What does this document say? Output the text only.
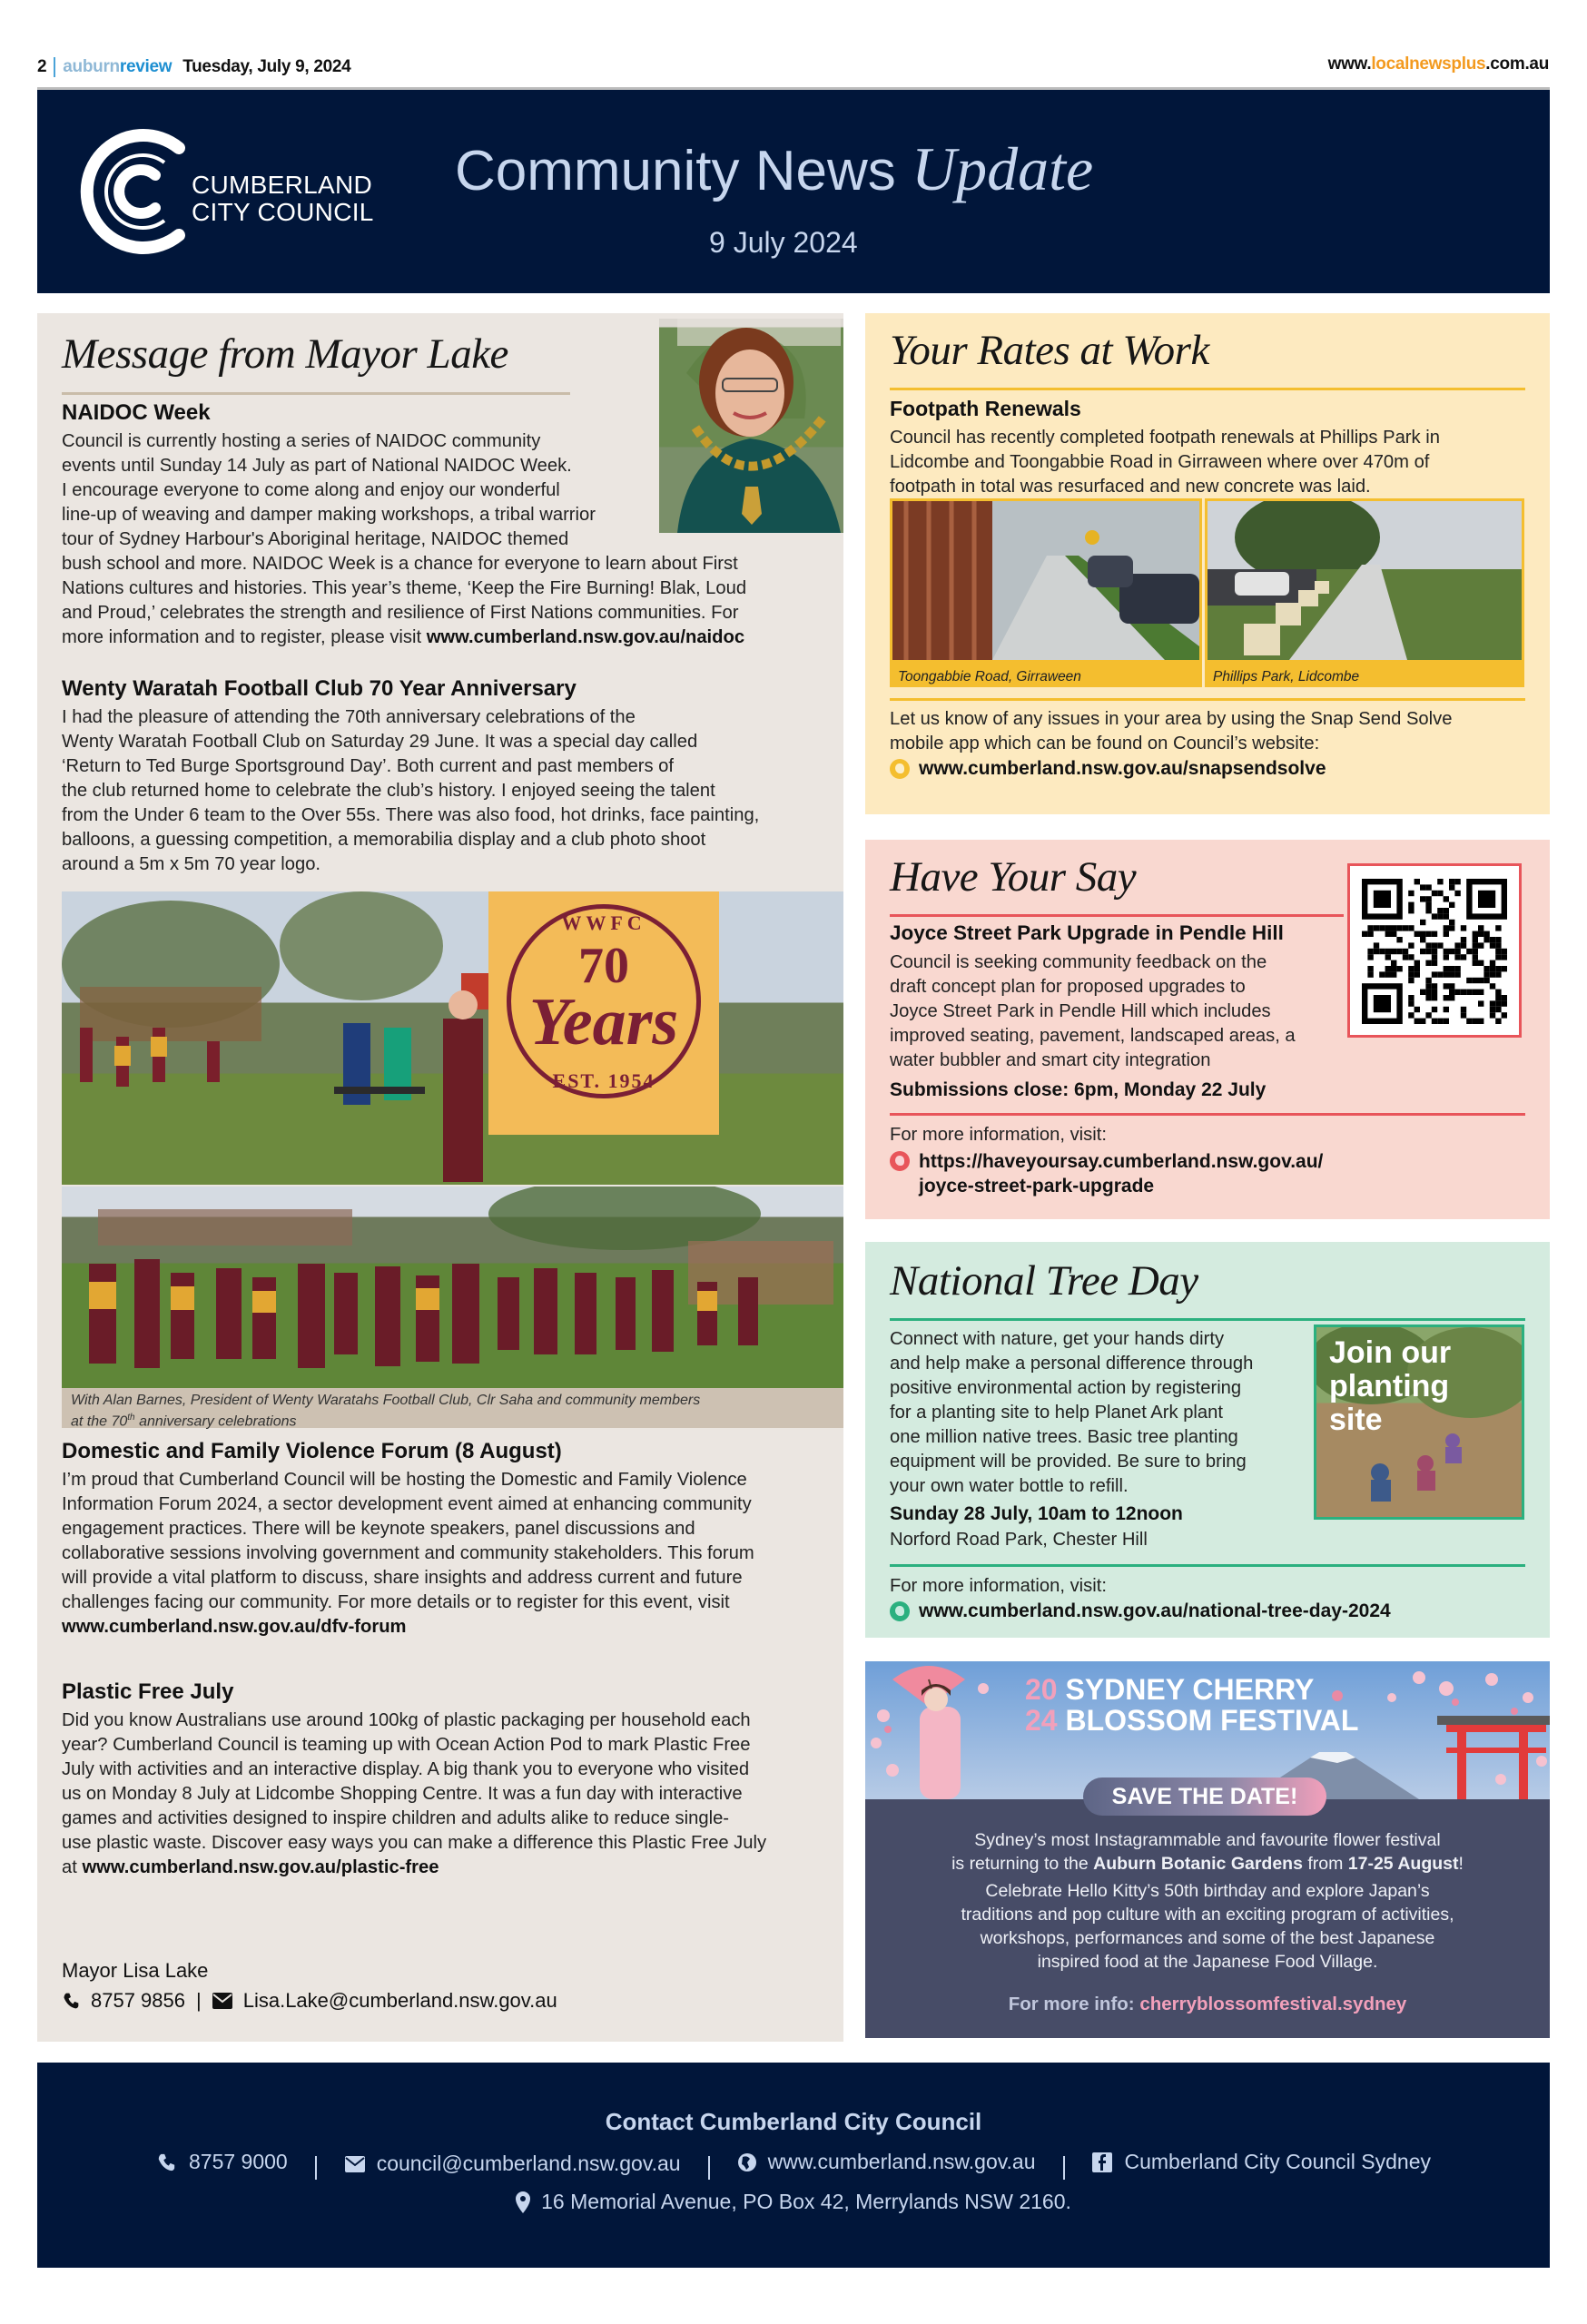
2 auburn review Tuesday, July 9, 2024	www.localnewsplus.com.au
CUMBERLAND
CITY COUNCIL
Community News Update
9 July 2024
Message from Mayor Lake
NAIDOC Week
Council is currently hosting a series of NAIDOC community
events until Sunday 14 July as part of National NAIDOC Week.
I encourage everyone to come along and enjoy our wonderful
line-up of weaving and damper making workshops, a tribal warrior
tour of Sydney Harbour's Aboriginal heritage, NAIDOC themed
bush school and more. NAIDOC Week is a chance for everyone to learn about First
Nations cultures and histories. This year’s theme, ‘Keep the Fire Burning! Blak, Loud
and Proud,’ celebrates the strength and resilience of First Nations communities. For
more information and to register, please visit www.cumberland.nsw.gov.au/naidoc
Wenty Waratah Football Club 70 Year Anniversary
I had the pleasure of attending the 70th anniversary celebrations of the
Wenty Waratah Football Club on Saturday 29 June. It was a special day called
‘Return to Ted Burge Sportsground Day’. Both current and past members of
the club returned home to celebrate the club’s history. I enjoyed seeing the talent
from the Under 6 team to the Over 55s. There was also food, hot drinks, face painting,
balloons, a guessing competition, a memorabilia display and a club photo shoot
around a 5m x 5m 70 year logo.
WWFC
70
Years
EST. 1954
With Alan Barnes, President of Wenty Waratahs Football Club, Clr Saha and community members
at the 70th anniversary celebrations
Domestic and Family Violence Forum (8 August)
I’m proud that Cumberland Council will be hosting the Domestic and Family Violence
Information Forum 2024, a sector development event aimed at enhancing community
engagement practices. There will be keynote speakers, panel discussions and
collaborative sessions involving government and community stakeholders. This forum
will provide a vital platform to discuss, share insights and address current and future
challenges facing our community. For more details or to register for this event, visit
www.cumberland.nsw.gov.au/dfv-forum
Plastic Free July
Did you know Australians use around 100kg of plastic packaging per household each
year? Cumberland Council is teaming up with Ocean Action Pod to mark Plastic Free
July with activities and an interactive display. A big thank you to everyone who visited
us on Monday 8 July at Lidcombe Shopping Centre. It was a fun day with interactive
games and activities designed to inspire children and adults alike to reduce single-
use plastic waste. Discover easy ways you can make a difference this Plastic Free July
at www.cumberland.nsw.gov.au/plastic-free
Mayor Lisa Lake
8757 9856 | Lisa.Lake@cumberland.nsw.gov.au
Your Rates at Work
Footpath Renewals
Council has recently completed footpath renewals at Phillips Park in
Lidcombe and Toongabbie Road in Girraween where over 470m of
footpath in total was resurfaced and new concrete was laid.
Toongabbie Road, Girraween	Phillips Park, Lidcombe
Let us know of any issues in your area by using the Snap Send Solve
mobile app which can be found on Council’s website:
www.cumberland.nsw.gov.au/snapsendsolve
Have Your Say
Joyce Street Park Upgrade in Pendle Hill
Council is seeking community feedback on the
draft concept plan for proposed upgrades to
Joyce Street Park in Pendle Hill which includes
improved seating, pavement, landscaped areas, a
water bubbler and smart city integration
Submissions close: 6pm, Monday 22 July
For more information, visit:
https://haveyoursay.cumberland.nsw.gov.au/
joyce-street-park-upgrade
National Tree Day
Connect with nature, get your hands dirty
and help make a personal difference through
positive environmental action by registering
for a planting site to help Planet Ark plant
one million native trees. Basic tree planting
equipment will be provided. Be sure to bring
your own water bottle to refill.
Sunday 28 July, 10am to 12noon
Norford Road Park, Chester Hill
Join our
planting
site
For more information, visit:
www.cumberland.nsw.gov.au/national-tree-day-2024
20 SYDNEY CHERRY
24 BLOSSOM FESTIVAL
SAVE THE DATE!
Sydney’s most Instagrammable and favourite flower festival
is returning to the Auburn Botanic Gardens from 17-25 August!
Celebrate Hello Kitty’s 50th birthday and explore Japan’s
traditions and pop culture with an exciting program of activities,
workshops, performances and some of the best Japanese
inspired food at the Japanese Food Village.
For more info: cherryblossomfestival.sydney
Contact Cumberland City Council
8757 9000	council@cumberland.nsw.gov.au	www.cumberland.nsw.gov.au	Cumberland City Council Sydney
16 Memorial Avenue, PO Box 42, Merrylands NSW 2160.
